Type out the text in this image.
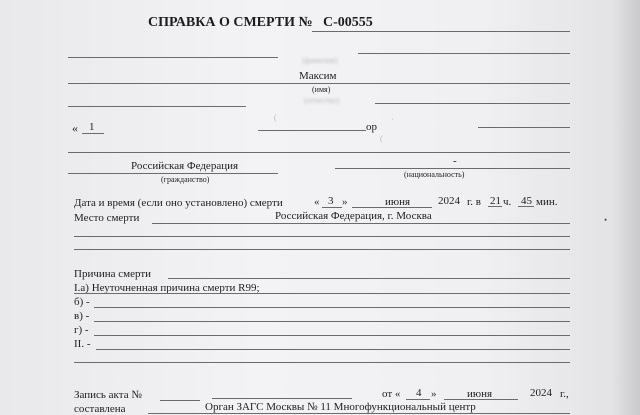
СПРАВКА О СМЕРТИ № С-00555
(фамилия)
Максим
(имя)
(отчество)
« 1	ор
Российская Федерация	-
(гражданство)
(национальность)
Дата и время (если оно установлено) смерти	« 3 »	июня	2024 г. в 21 ч. 45 мин.
Место смерти	Российская Федерация, г. Москва
Причина смерти
I.а) Неуточненная причина смерти R99;
б) -
в) -
г) -
II. -
Запись акта №	от « 4 »	июня	2024 г.,
составлена	Орган ЗАГС Москвы № 11 Многофункциональный центр
(
(
'
•
